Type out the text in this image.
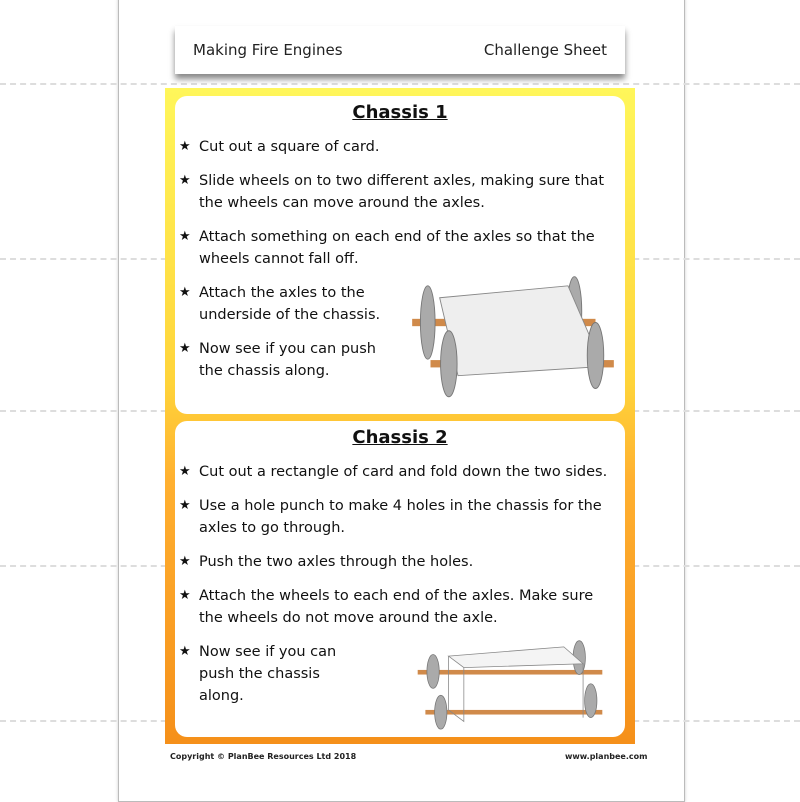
Making Fire Engines	Challenge Sheet
Chassis 1
★ Cut out a square of card.
★ Slide wheels on to two different axles, making sure that the wheels can move around the axles.
★ Attach something on each end of the axles so that the wheels cannot fall off.
★ Attach the axles to the underside of the chassis.
★ Now see if you can push the chassis along.
Chassis 2
★ Cut out a rectangle of card and fold down the two sides.
★ Use a hole punch to make 4 holes in the chassis for the axles to go through.
★ Push the two axles through the holes.
★ Attach the wheels to each end of the axles. Make sure the wheels do not move around the axle.
★ Now see if you can push the chassis along.
Copyright © PlanBee Resources Ltd 2018	www.planbee.com
